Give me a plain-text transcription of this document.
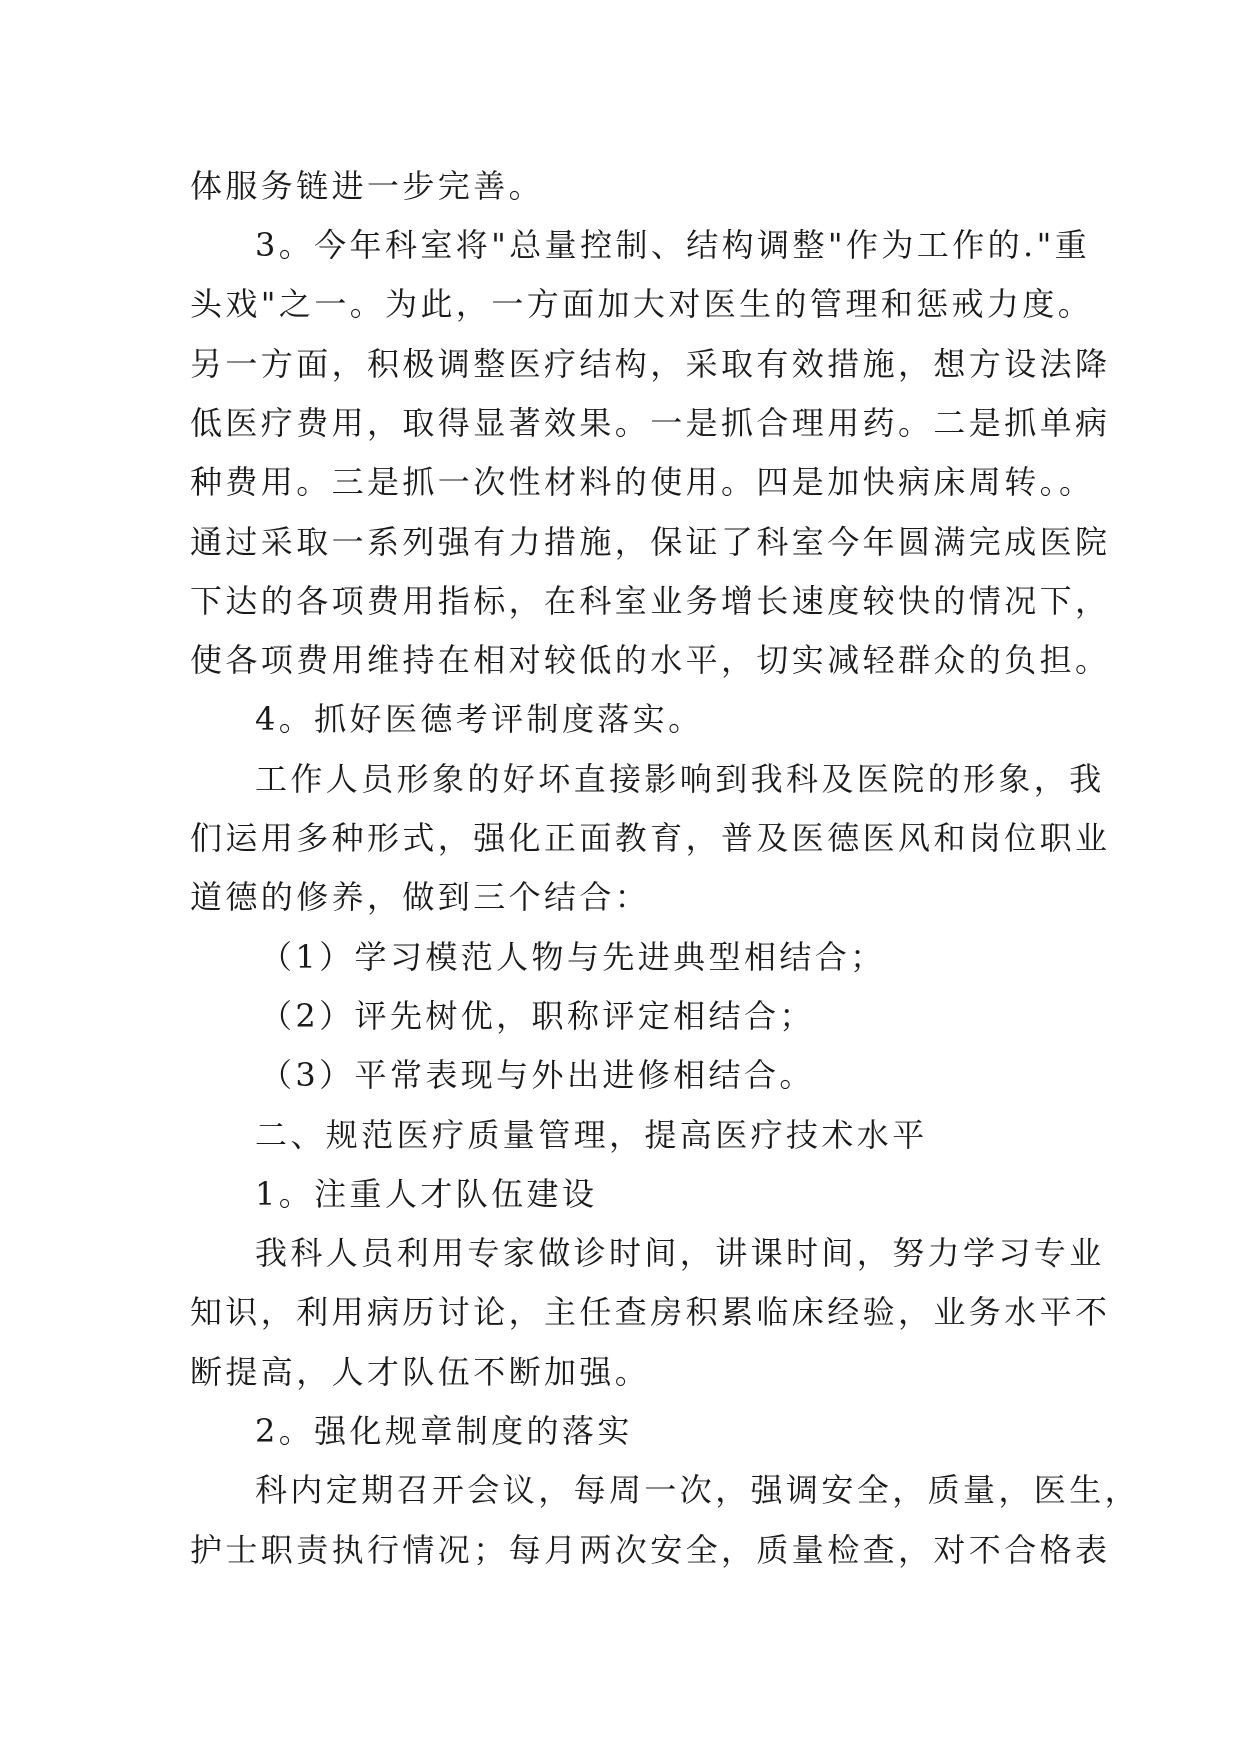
体服务链进一步完善。
3。今年科室将"总量控制、结构调整"作为工作的."重
头戏"之一。为此，一方面加大对医生的管理和惩戒力度。
另一方面，积极调整医疗结构，采取有效措施，想方设法降
低医疗费用，取得显著效果。一是抓合理用药。二是抓单病
种费用。三是抓一次性材料的使用。四是加快病床周转。。
通过采取一系列强有力措施，保证了科室今年圆满完成医院
下达的各项费用指标，在科室业务增长速度较快的情况下，
使各项费用维持在相对较低的水平，切实减轻群众的负担。
4。抓好医德考评制度落实。
工作人员形象的好坏直接影响到我科及医院的形象，我
们运用多种形式，强化正面教育，普及医德医风和岗位职业
道德的修养，做到三个结合：
（1）学习模范人物与先进典型相结合；
（2）评先树优，职称评定相结合；
（3）平常表现与外出进修相结合。
二、规范医疗质量管理，提高医疗技术水平
1。注重人才队伍建设
我科人员利用专家做诊时间，讲课时间，努力学习专业
知识，利用病历讨论，主任查房积累临床经验，业务水平不
断提高，人才队伍不断加强。
2。强化规章制度的落实
科内定期召开会议，每周一次，强调安全，质量，医生，
护士职责执行情况；每月两次安全，质量检查，对不合格表
